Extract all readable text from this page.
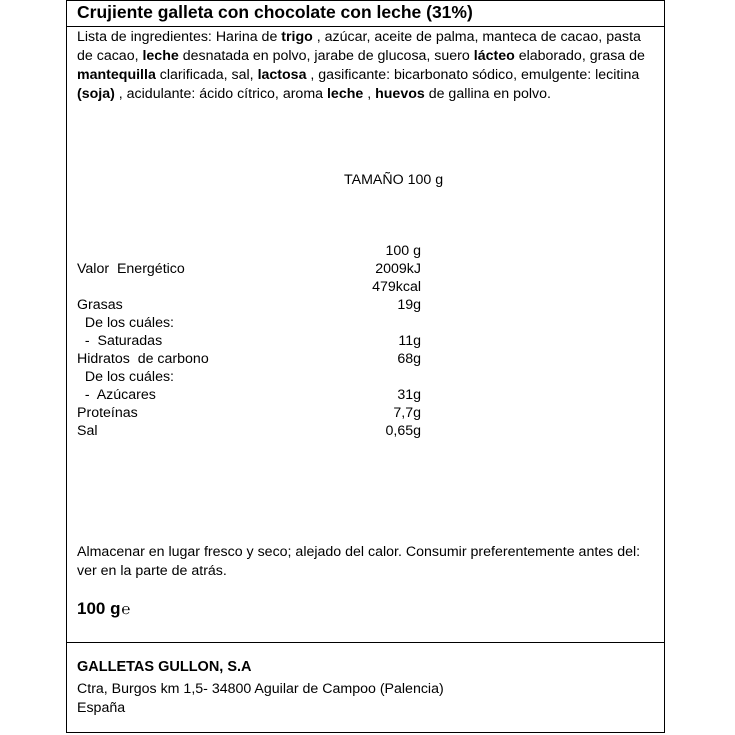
Crujiente galleta con chocolate con leche (31%)
Lista de ingredientes: Harina de trigo , azúcar, aceite de palma, manteca de cacao, pasta de cacao, leche desnatada en polvo, jarabe de glucosa, suero lácteo elaborado, grasa de mantequilla clarificada, sal, lactosa , gasificante: bicarbonato sódico, emulgente: lecitina (soja) , acidulante: ácido cítrico, aroma leche , huevos de gallina en polvo.
TAMAÑO 100 g
100 g
Valor  Energético	2009kJ
479kcal
Grasas	19g
De los cuáles:
-  Saturadas	11g
Hidratos  de carbono	68g
De los cuáles:
-  Azúcares	31g
Proteínas	7,7g
Sal	0,65g
Almacenar en lugar fresco y seco; alejado del calor. Consumir preferentemente antes del: ver en la parte de atrás.
100 g℮
GALLETAS GULLON, S.A
Ctra, Burgos km 1,5- 34800 Aguilar de Campoo (Palencia)
España
